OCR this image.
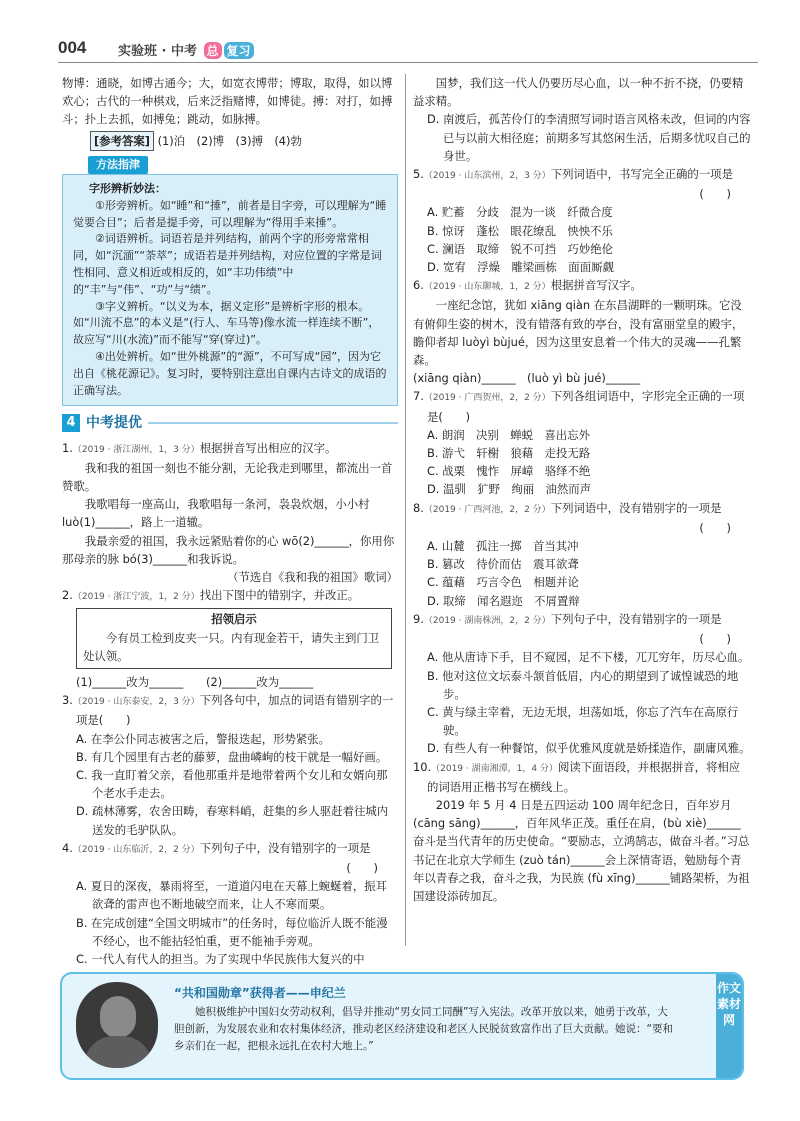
004 实验班 · 中考 总 复习

物博：通晓，如博古通今；大，如宽衣博带；博取，取得，如以博欢心；古代的一种棋戏，后来泛指赌博，如博徒。搏：对打，如搏斗；扑上去抓，如搏兔；跳动，如脉搏。

[参考答案] (1)泊　(2)博　(3)搏　(4)勃

方法指津

字形辨析妙法：

①形旁辨析。如“睡”和“捶”，前者是目字旁，可以理解为“睡觉要合目”；后者是提手旁，可以理解为“得用手来捶”。

②词语辨析。词语若是并列结构，前两个字的形旁常常相同，如“沉湎”“荼萃”；成语若是并列结构，对应位置的字常是词性相同、意义相近或相反的，如“丰功伟绩”中的“丰”与“伟”、“功”与“绩”。

③字义辨析。“以义为本，据义定形”是辨析字形的根本。如“川流不息”的本义是“(行人、车马等)像水流一样连续不断”，故应写“川(水流)”而不能写“穿(穿过)”。

④出处辨析。如“世外桃源”的“源”，不可写成“园”，因为它出自《桃花源记》。复习时，要特别注意出自课内古诗文的成语的正确写法。

4 中考提优

1.（2019 · 浙江湖州，1，3 分）根据拼音写出相应的汉字。

我和我的祖国一刻也不能分割，无论我走到哪里，都流出一首赞歌。

我歌唱每一座高山，我歌唱每一条河，袅袅炊烟，小小村 luò(1)______，路上一道辙。

我最亲爱的祖国，我永远紧贴着你的心 wō(2)______，你用你那母亲的脉 bó(3)______和我诉说。

（节选自《我和我的祖国》歌词）

2.（2019 · 浙江宁波，1，2 分）找出下图中的错别字，并改正。

招领启示

今有员工检到皮夹一只。内有现金若干，请失主到门卫处认领。

(1)______改为______　　(2)______改为______

3.（2019 · 山东泰安，2，3 分）下列各句中，加点的词语有错别字的一项是(　　)

A. 在李公仆同志被害之后，警报迭起，形势紧张。

B. 有几个园里有古老的藤萝，盘曲嶙峋的枝干就是一幅好画。

C. 我一直盯着父亲，看他那重并是地带着两个女儿和女婿向那个老水手走去。

D. 疏林薄雾，农舍田畴，春寒料峭，赶集的乡人驱赶着往城内送发的毛驴队队。

4.（2019 · 山东临沂，2，2 分）下列句子中，没有错别字的一项是

(　　)

A. 夏日的深夜，暴雨将至，一道道闪电在天幕上蜿蜒着，振耳欲聋的雷声也不断地破空而来，让人不寒而栗。

B. 在完成创建“全国文明城市”的任务时，每位临沂人既不能漫不经心，也不能拈轻怕重，更不能袖手旁观。

C. 一代人有代人的担当。为了实现中华民族伟大复兴的中

国梦，我们这一代人仍要历尽心血，以一种不折不挠，仍要精益求精。

D. 南渡后，孤苦伶仃的李清照写词时语言风格未改，但词的内容已与以前大相径庭；前期多写其悠闲生活，后期多忧叹自己的身世。

5.（2019 · 山东滨州，2，3 分）下列词语中，书写完全正确的一项是

(　　)

A. 贮蓄　分歧　混为一谈　纤微合度

B. 惊讶　蓬松　眼花缭乱　怏怏不乐

C. 澜语　取缔　锐不可挡　巧妙绝伦

D. 宽宥　浮燥　雕梁画栋　面面厮觑

6.（2019 · 山东聊城，1，2 分）根据拼音写汉字。

一座纪念馆，犹如 xiāng qiàn 在东昌湖畔的一颗明珠。它没有俯仰生姿的树木，没有错落有致的亭台，没有富丽堂皇的殿宇，瞻仰者却 luòyì bùjué，因为这里安息着一个伟大的灵魂——孔繁森。

(xiāng qiàn)______　(luò yì bù jué)______

7.（2019 · 广西贺州，2，2 分）下列各组词语中，字形完全正确的一项是(　　)

A. 朗润　决别　蝉蜕　喜出忘外

B. 游弋　轩榭　狼藉　走投无路

C. 战栗　愧怍　屏嶂　骆绎不绝

D. 温驯　犷野　绚丽　油然而声

8.（2019 · 广西河池，2，2 分）下列词语中，没有错别字的一项是

(　　)

A. 山麓　孤注一掷　首当其冲

B. 篡改　待价而估　震耳欲聋

C. 蕴藉　巧言令色　相题并论

D. 取缔　闻名遐迩　不屑置辩

9.（2019 · 湖南株洲，2，2 分）下列句子中，没有错别字的一项是

(　　)

A. 他从唐诗下手，目不窥园，足不下楼，兀兀穷年，历尽心血。

B. 他对这位文坛泰斗颔首低眉，内心的期望到了诚惶诚恐的地步。

C. 黄与绿主宰着，无边无垠，坦荡如坻，你忘了汽车在高原行驶。

D. 有些人有一种餐馆，似乎优雅风度就是娇揉造作，副庸风雅。

10.（2019 · 湖南湘潭，1，4 分）阅读下面语段，并根据拼音，将相应的词语用正楷书写在横线上。

2019 年 5 月 4 日是五四运动 100 周年纪念日，百年岁月 (cāng sāng)______，百年风华正茂。重任在肩，(bù xiè)______奋斗是当代青年的历史使命。“要励志，立鸿鹄志，做奋斗者。”习总书记在北京大学师生 (zuò tán)______会上深情寄语，勉励每个青年以青春之我，奋斗之我，为民族 (fù xīng)______铺路架桥，为祖国建设添砖加瓦。

“共和国勋章”获得者——申纪兰
她积极维护中国妇女劳动权利，倡导并推动“男女同工同酬”写入宪法。改革开放以来，她勇于改革，大胆创新，为发展农业和农村集体经济，推动老区经济建设和老区人民脱贫致富作出了巨大贡献。她说：“要和乡亲们在一起，把根永远扎在农村大地上。”
作文素材网
